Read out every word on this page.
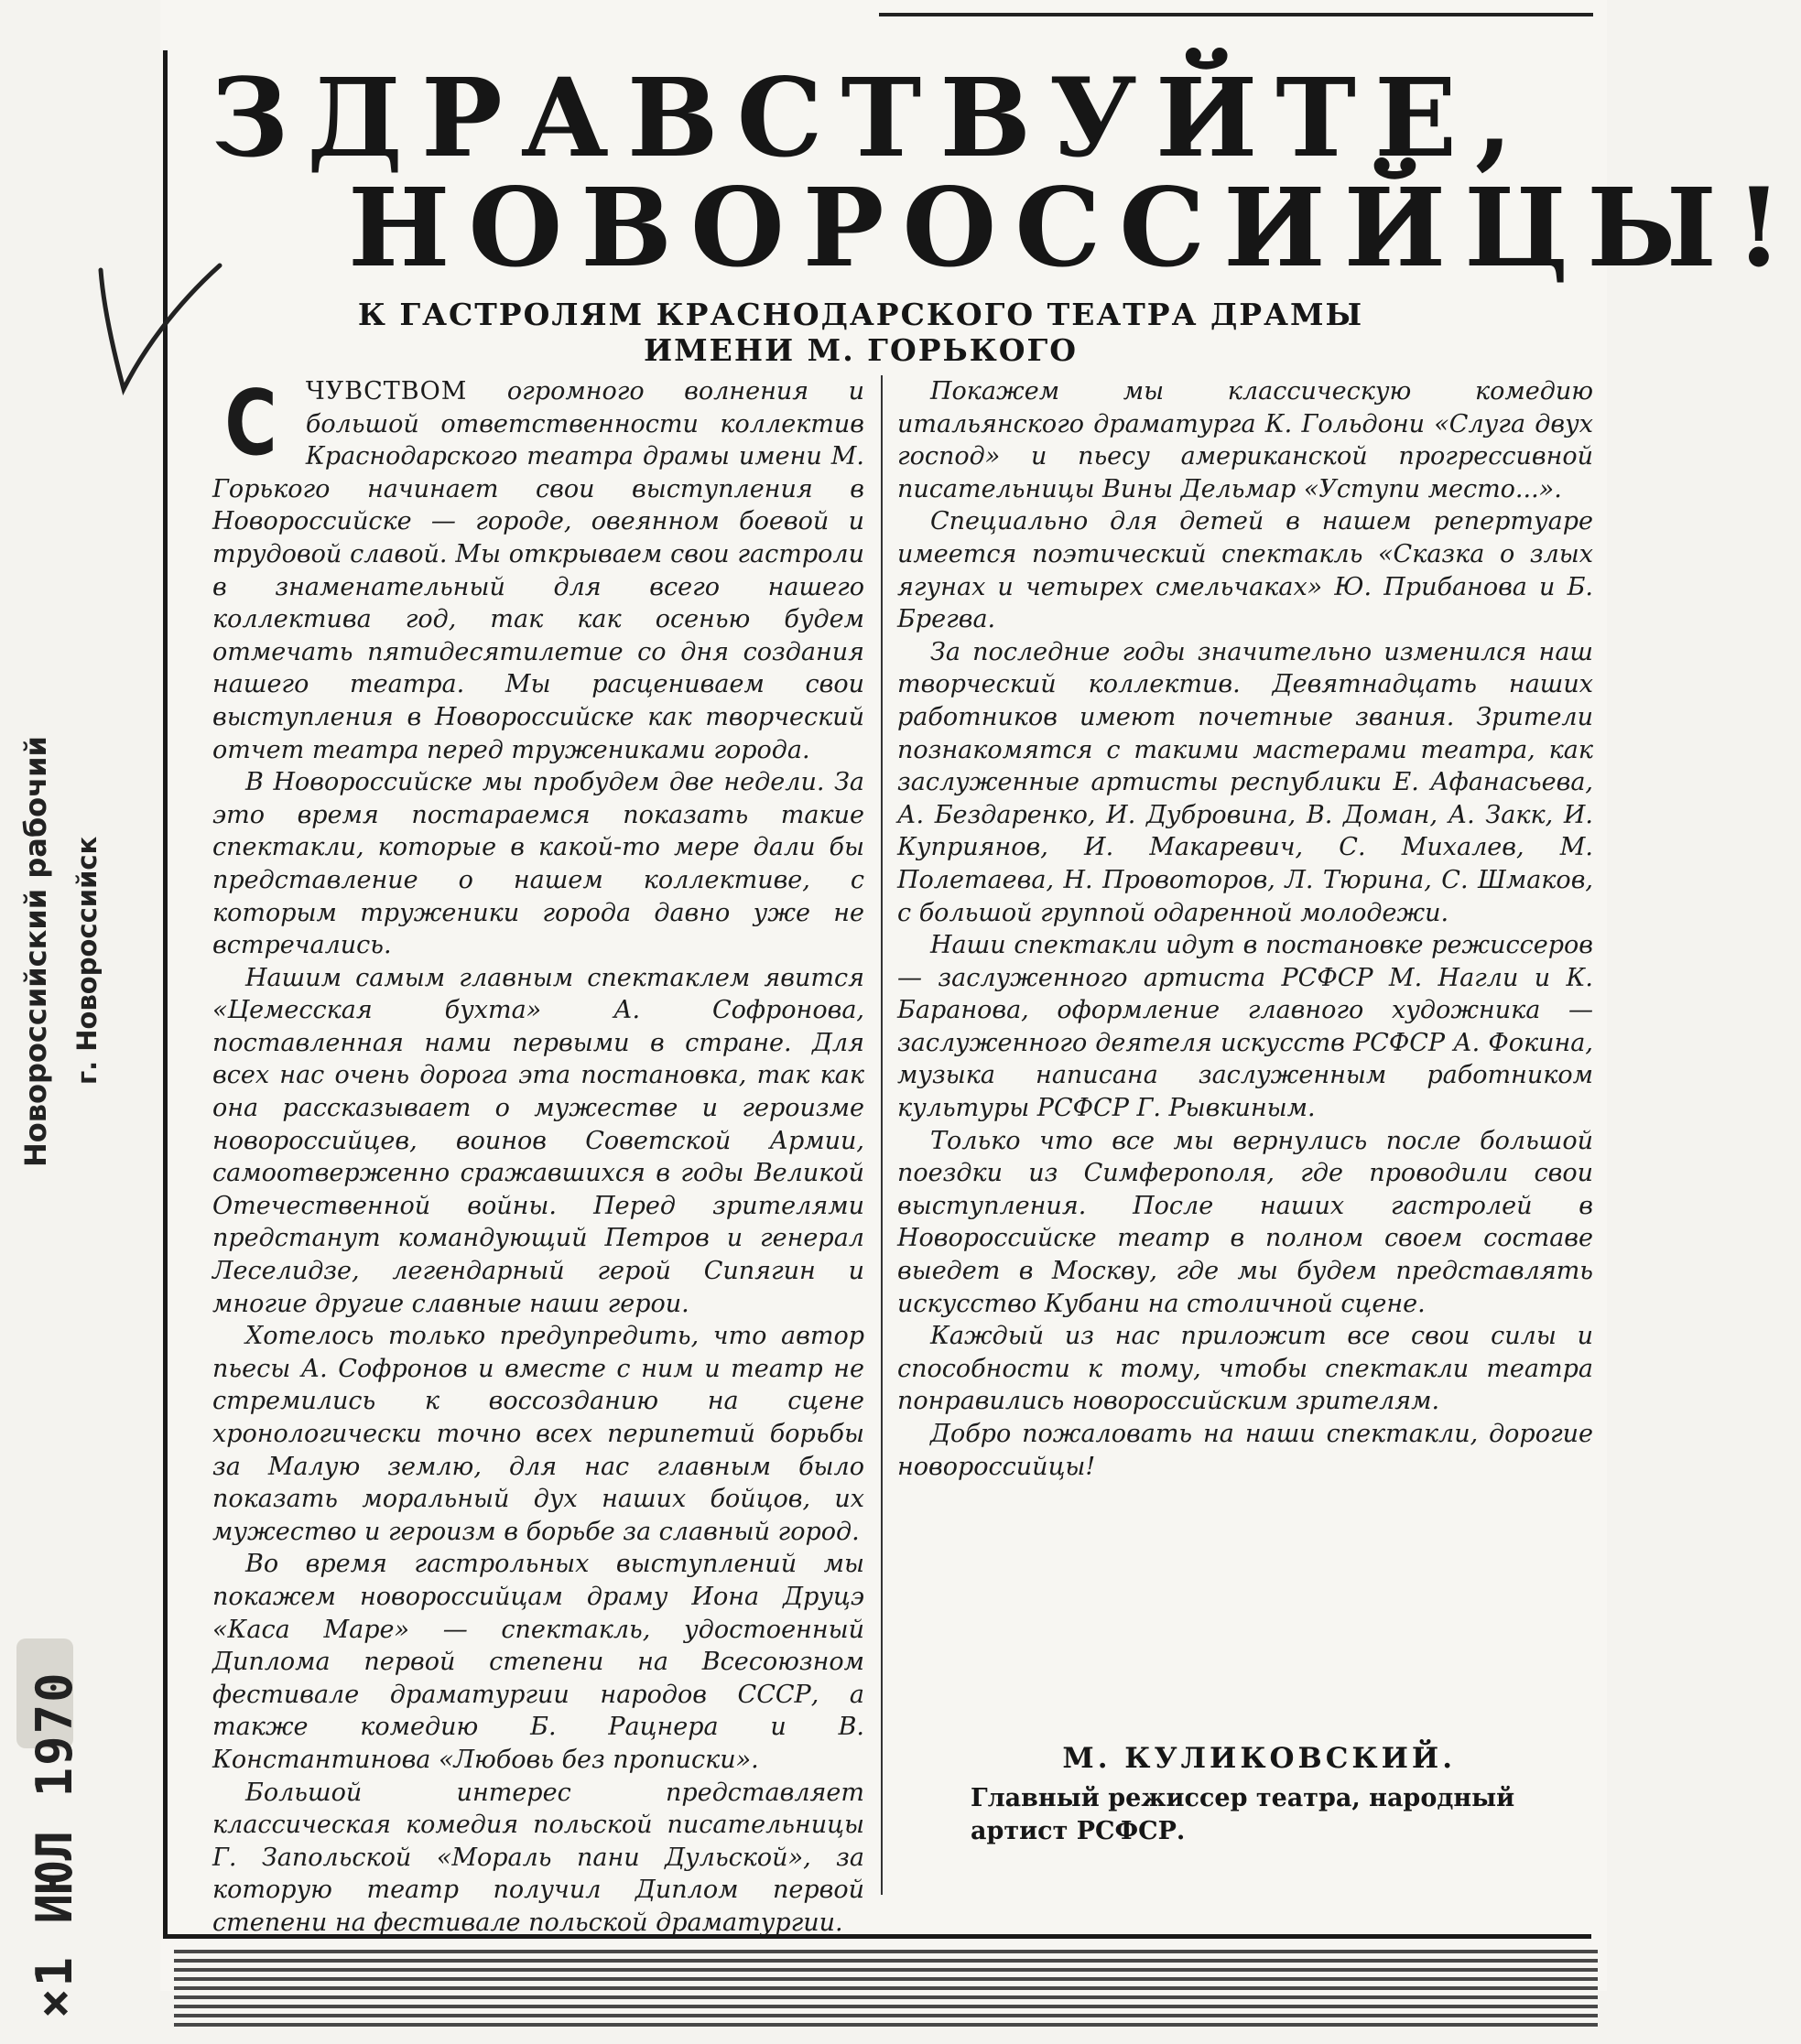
Новороссийский рабочий г. Новороссийск
×1 ИЮЛ 1970
ЗДРАВСТВУЙТЕ,
НОВОРОССИЙЦЫ!
К ГАСТРОЛЯМ КРАСНОДАРСКОГО ТЕАТРА ДРАМЫ
ИМЕНИ М. ГОРЬКОГО

С ЧУВСТВОМ огромного волнения и большой ответственности коллектив Краснодарского театра драмы имени М. Горького начинает свои выступления в Новороссийске — городе, овеянном боевой и трудовой славой. Мы открываем свои гастроли в знаменательный для всего нашего коллектива год, так как осенью будем отмечать пятидесятилетие со дня создания нашего театра. Мы расцениваем свои выступления в Новороссийске как творческий отчет театра перед тружениками города.

В Новороссийске мы пробудем две недели. За это время постараемся показать такие спектакли, которые в какой-то мере дали бы представление о нашем коллективе, с которым труженики города давно уже не встречались.

Нашим самым главным спектаклем явится «Цемесская бухта» А. Софронова, поставленная нами первыми в стране. Для всех нас очень дорога эта постановка, так как она рассказывает о мужестве и героизме новороссийцев, воинов Советской Армии, самоотверженно сражавшихся в годы Великой Отечественной войны. Перед зрителями предстанут командующий Петров и генерал Леселидзе, легендарный герой Сипягин и многие другие славные наши герои.

Хотелось только предупредить, что автор пьесы А. Софронов и вместе с ним и театр не стремились к воссозданию на сцене хронологически точно всех перипетий борьбы за Малую землю, для нас главным было показать моральный дух наших бойцов, их мужество и героизм в борьбе за славный город.

Во время гастрольных выступлений мы покажем новороссийцам драму Иона Друцэ «Каса Маре» — спектакль, удостоенный Диплома первой степени на Всесоюзном фестивале драматургии народов СССР, а также комедию Б. Рацнера и В. Константинова «Любовь без прописки».

Большой интерес представляет классическая комедия польской писательницы Г. Запольской «Мораль пани Дульской», за которую театр получил Диплом первой степени на фестивале польской драматургии.

Покажем мы классическую комедию итальянского драматурга К. Гольдони «Слуга двух господ» и пьесу американской прогрессивной писательницы Вины Дельмар «Уступи место...».

Специально для детей в нашем репертуаре имеется поэтический спектакль «Сказка о злых ягунах и четырех смельчаках» Ю. Прибанова и Б. Брегва.

За последние годы значительно изменился наш творческий коллектив. Девятнадцать наших работников имеют почетные звания. Зрители познакомятся с такими мастерами театра, как заслуженные артисты республики Е. Афанасьева, А. Бездаренко, И. Дубровина, В. Доман, А. Закк, И. Куприянов, И. Макаревич, С. Михалев, М. Полетаева, Н. Провоторов, Л. Тюрина, С. Шмаков, с большой группой одаренной молодежи.

Наши спектакли идут в постановке режиссеров — заслуженного артиста РСФСР М. Нагли и К. Баранова, оформление главного художника — заслуженного деятеля искусств РСФСР А. Фокина, музыка написана заслуженным работником культуры РСФСР Г. Рывкиным.

Только что все мы вернулись после большой поездки из Симферополя, где проводили свои выступления. После наших гастролей в Новороссийске театр в полном своем составе выедет в Москву, где мы будем представлять искусство Кубани на столичной сцене.

Каждый из нас приложит все свои силы и способности к тому, чтобы спектакли театра понравились новороссийским зрителям.

Добро пожаловать на наши спектакли, дорогие новороссийцы!

М. КУЛИКОВСКИЙ.
Главный режиссер театра, народный артист РСФСР.
